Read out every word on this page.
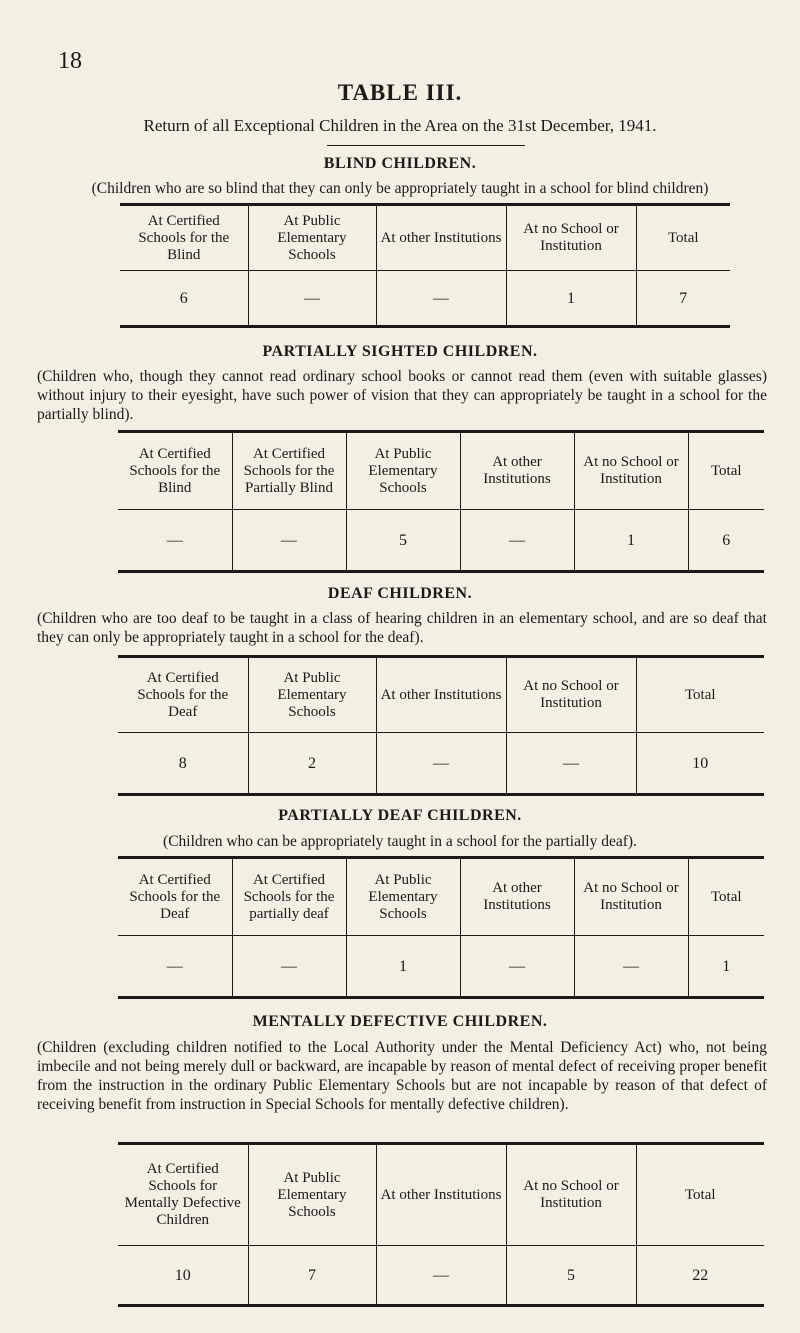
18
TABLE III.
Return of all Exceptional Children in the Area on the 31st December, 1941.
BLIND CHILDREN.
(Children who are so blind that they can only be appropriately taught in a school for blind children)
At Certified Schools for the Blind	At Public Elementary Schools	At other Institutions	At no School or Institution	Total
6	—	—	1	7
PARTIALLY SIGHTED CHILDREN.
(Children who, though they cannot read ordinary school books or cannot read them (even with suitable glasses) without injury to their eyesight, have such power of vision that they can appropriately be taught in a school for the partially blind).
At Certified Schools for the Blind	At Certified Schools for the Partially Blind	At Public Elementary Schools	At other Institutions	At no School or Institution	Total
—	—	5	—	1	6
DEAF CHILDREN.
(Children who are too deaf to be taught in a class of hearing children in an elementary school, and are so deaf that they can only be appropriately taught in a school for the deaf).
At Certified Schools for the Deaf	At Public Elementary Schools	At other Institutions	At no School or Institution	Total
8	2	—	—	10
PARTIALLY DEAF CHILDREN.
(Children who can be appropriately taught in a school for the partially deaf).
At Certified Schools for the Deaf	At Certified Schools for the partially deaf	At Public Elementary Schools	At other Institutions	At no School or Institution	Total
—	—	1	—	—	1
MENTALLY DEFECTIVE CHILDREN.
(Children (excluding children notified to the Local Authority under the Mental Deficiency Act) who, not being imbecile and not being merely dull or backward, are incapable by reason of mental defect of receiving proper benefit from the instruction in the ordinary Public Elementary Schools but are not incapable by reason of that defect of receiving benefit from instruction in Special Schools for mentally defective children).
At Certified Schools for Mentally Defective Children	At Public Elementary Schools	At other Institutions	At no School or Institution	Total
10	7	—	5	22
